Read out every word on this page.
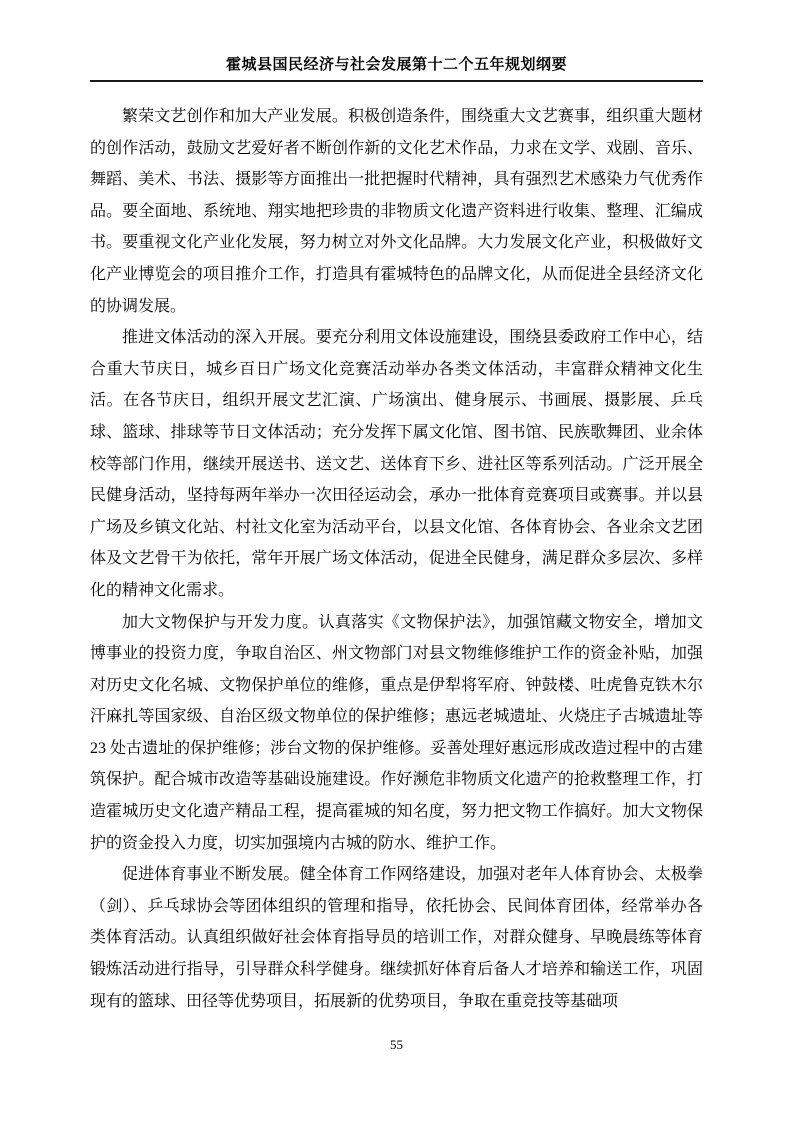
霍城县国民经济与社会发展第十二个五年规划纲要

繁荣文艺创作和加大产业发展。积极创造条件，围绕重大文艺赛事，组织重大题材的创作活动，鼓励文艺爱好者不断创作新的文化艺术作品，力求在文学、戏剧、音乐、舞蹈、美术、书法、摄影等方面推出一批把握时代精神，具有强烈艺术感染力气优秀作品。要全面地、系统地、翔实地把珍贵的非物质文化遗产资料进行收集、整理、汇编成书。要重视文化产业化发展，努力树立对外文化品牌。大力发展文化产业，积极做好文化产业博览会的项目推介工作，打造具有霍城特色的品牌文化，从而促进全县经济文化的协调发展。

推进文体活动的深入开展。要充分利用文体设施建设，围绕县委政府工作中心，结合重大节庆日，城乡百日广场文化竞赛活动举办各类文体活动，丰富群众精神文化生活。在各节庆日，组织开展文艺汇演、广场演出、健身展示、书画展、摄影展、乒乓球、篮球、排球等节日文体活动；充分发挥下属文化馆、图书馆、民族歌舞团、业余体校等部门作用，继续开展送书、送文艺、送体育下乡、进社区等系列活动。广泛开展全民健身活动，坚持每两年举办一次田径运动会，承办一批体育竞赛项目或赛事。并以县广场及乡镇文化站、村社文化室为活动平台，以县文化馆、各体育协会、各业余文艺团体及文艺骨干为依托，常年开展广场文体活动，促进全民健身，满足群众多层次、多样化的精神文化需求。

加大文物保护与开发力度。认真落实《文物保护法》，加强馆藏文物安全，增加文博事业的投资力度，争取自治区、州文物部门对县文物维修维护工作的资金补贴，加强对历史文化名城、文物保护单位的维修，重点是伊犁将军府、钟鼓楼、吐虎鲁克铁木尔汗麻扎等国家级、自治区级文物单位的保护维修；惠远老城遗址、火烧庄子古城遗址等 23 处古遗址的保护维修；涉台文物的保护维修。妥善处理好惠远形成改造过程中的古建筑保护。配合城市改造等基础设施建设。作好濒危非物质文化遗产的抢救整理工作，打造霍城历史文化遗产精品工程，提高霍城的知名度，努力把文物工作搞好。加大文物保护的资金投入力度，切实加强境内古城的防水、维护工作。

促进体育事业不断发展。健全体育工作网络建设，加强对老年人体育协会、太极拳（剑）、乒乓球协会等团体组织的管理和指导，依托协会、民间体育团体，经常举办各类体育活动。认真组织做好社会体育指导员的培训工作，对群众健身、早晚晨练等体育锻炼活动进行指导，引导群众科学健身。继续抓好体育后备人才培养和输送工作，巩固现有的篮球、田径等优势项目，拓展新的优势项目，争取在重竞技等基础项

55
